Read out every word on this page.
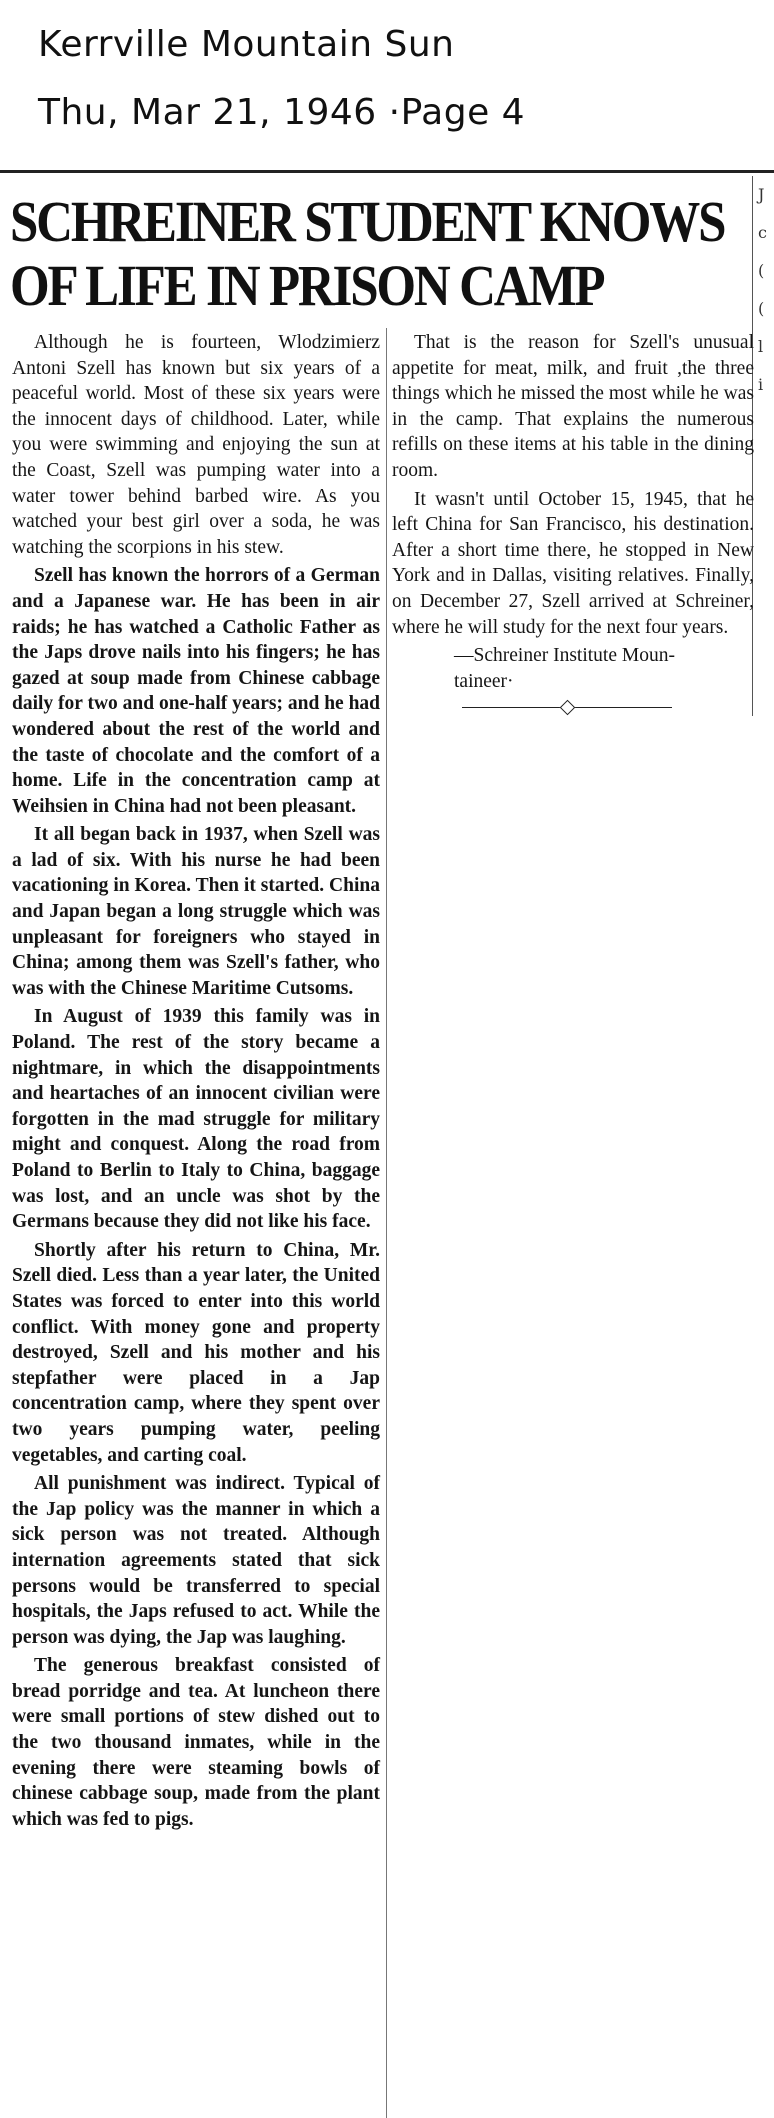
Kerrville Mountain Sun
Thu, Mar 21, 1946 ·Page 4
J
c
(
(
l
i
SCHREINER STUDENT KNOWS
OF LIFE IN PRISON CAMP

Although he is fourteen, Wlodzimierz Antoni Szell has known but six years of a peaceful world. Most of these six years were the innocent days of childhood. Later, while you were swimming and enjoying the sun at the Coast, Szell was pumping water into a water tower behind barbed wire. As you watched your best girl over a soda, he was watching the scorpions in his stew.

Szell has known the horrors of a German and a Japanese war. He has been in air raids; he has watched a Catholic Father as the Japs drove nails into his fingers; he has gazed at soup made from Chinese cabbage daily for two and one-half years; and he had wondered about the rest of the world and the taste of chocolate and the comfort of a home. Life in the concentration camp at Weihsien in China had not been pleasant.

It all began back in 1937, when Szell was a lad of six. With his nurse he had been vacationing in Korea. Then it started. China and Japan began a long struggle which was unpleasant for foreigners who stayed in China; among them was Szell's father, who was with the Chinese Maritime Cutsoms.

In August of 1939 this family was in Poland. The rest of the story became a nightmare, in which the disappointments and heartaches of an innocent civilian were forgotten in the mad struggle for military might and conquest. Along the road from Poland to Berlin to Italy to China, baggage was lost, and an uncle was shot by the Germans because they did not like his face.

Shortly after his return to China, Mr. Szell died. Less than a year later, the United States was forced to enter into this world conflict. With money gone and property destroyed, Szell and his mother and his stepfather were placed in a Jap concentration camp, where they spent over two years pumping water, peeling vegetables, and carting coal.

All punishment was indirect. Typical of the Jap policy was the manner in which a sick person was not treated. Although internation agreements stated that sick persons would be transferred to special hospitals, the Japs refused to act. While the person was dying, the Jap was laughing.

The generous breakfast consisted of bread porridge and tea. At luncheon there were small portions of stew dished out to the two thousand inmates, while in the evening there were steaming bowls of chinese cabbage soup, made from the plant which was fed to pigs.

That is the reason for Szell's unusual appetite for meat, milk, and fruit ,the three things which he missed the most while he was in the camp. That explains the numerous refills on these items at his table in the dining room.

It wasn't until October 15, 1945, that he left China for San Francisco, his destination. After a short time there, he stopped in New York and in Dallas, visiting relatives. Finally, on December 27, Szell arrived at Schreiner, where he will study for the next four years.

—Schreiner Institute Moun-
taineer·
